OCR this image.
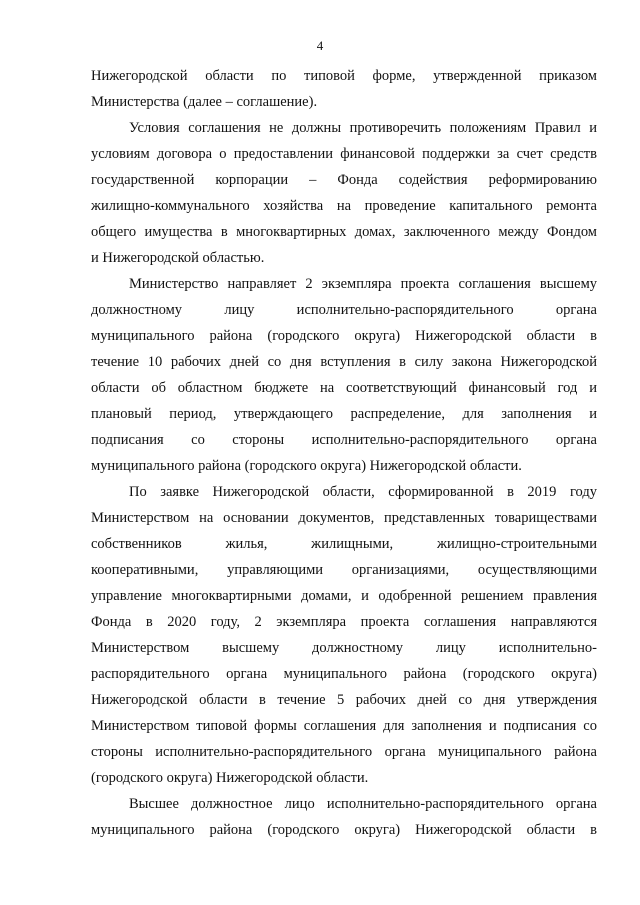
4

Нижегородской области по типовой форме, утвержденной приказом
Министерства (далее – соглашение).

Условия соглашения не должны противоречить положениям Правил и
условиям договора о предоставлении финансовой поддержки за счет средств
государственной корпорации – Фонда содействия реформированию
жилищно-коммунального хозяйства на проведение капитального ремонта
общего имущества в многоквартирных домах, заключенного между Фондом
и Нижегородской областью.

Министерство направляет 2 экземпляра проекта соглашения высшему
должностному лицу исполнительно-распорядительного органа
муниципального района (городского округа) Нижегородской области в
течение 10 рабочих дней со дня вступления в силу закона Нижегородской
области об областном бюджете на соответствующий финансовый год и
плановый период, утверждающего распределение, для заполнения и
подписания со стороны исполнительно-распорядительного органа
муниципального района (городского округа) Нижегородской области.

По заявке Нижегородской области, сформированной в 2019 году
Министерством на основании документов, представленных товариществами
собственников жилья, жилищными, жилищно-строительными
кооперативными, управляющими организациями, осуществляющими
управление многоквартирными домами, и одобренной решением правления
Фонда в 2020 году, 2 экземпляра проекта соглашения направляются
Министерством высшему должностному лицу исполнительно-
распорядительного органа муниципального района (городского округа)
Нижегородской области в течение 5 рабочих дней со дня утверждения
Министерством типовой формы соглашения для заполнения и подписания со
стороны исполнительно-распорядительного органа муниципального района
(городского округа) Нижегородской области.

Высшее должностное лицо исполнительно-распорядительного органа
муниципального района (городского округа) Нижегородской области в
